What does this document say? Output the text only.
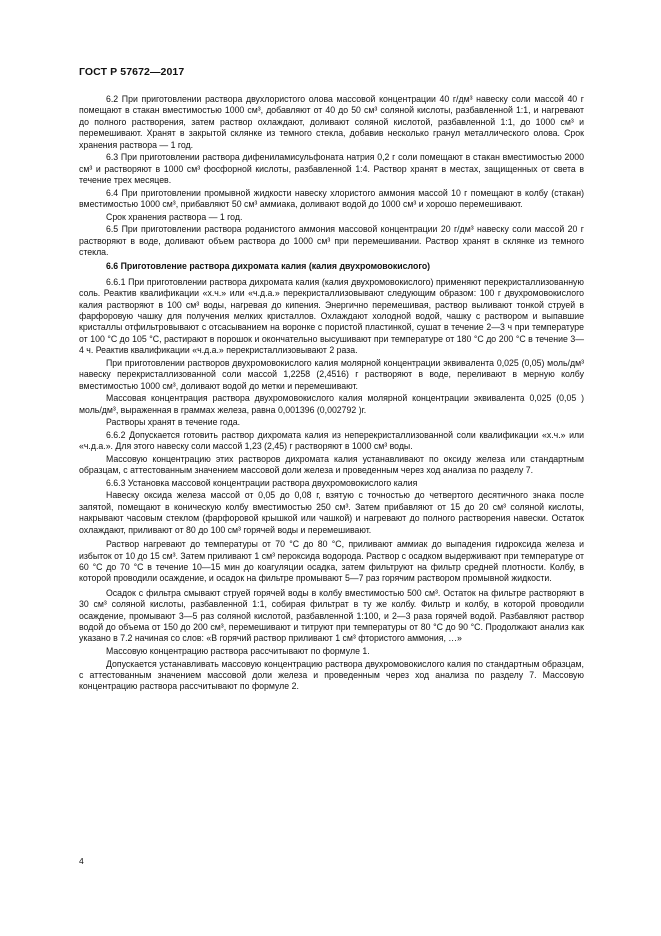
ГОСТ Р 57672—2017

6.2 При приготовлении раствора двухлористого олова массовой концентрации 40 г/дм³ навеску соли массой 40 г помещают в стакан вместимостью 1000 см³, добавляют от 40 до 50 см³ соляной кислоты, разбавленной 1:1, и нагревают до полного растворения, затем раствор охлаждают, доливают соляной кислотой, разбавленной 1:1, до 1000 см³ и перемешивают. Хранят в закрытой склянке из темного стекла, добавив несколько гранул металлического олова. Срок хранения раствора — 1 год.

6.3 При приготовлении раствора дифениламисульфоната натрия 0,2 г соли помещают в стакан вместимостью 2000 см³ и растворяют в 1000 см³ фосфорной кислоты, разбавленной 1:4. Раствор хранят в местах, защищенных от света в течение трех месяцев.

6.4 При приготовлении промывной жидкости навеску хлористого аммония массой 10 г помещают в колбу (стакан) вместимостью 1000 см³, прибавляют 50 см³ аммиака, доливают водой до 1000 см³ и хорошо перемешивают.

Срок хранения раствора — 1 год.

6.5 При приготовлении раствора роданистого аммония массовой концентрации 20 г/дм³ навеску соли массой 20 г растворяют в воде, доливают объем раствора до 1000 см³ при перемешивании. Раствор хранят в склянке из темного стекла.

6.6 Приготовление раствора дихромата калия (калия двухромовокислого)

6.6.1 При приготовлении раствора дихромата калия (калия двухромовокислого) применяют перекристаллизованную соль. Реактив квалификации «х.ч.» или «ч.д.а.» перекристаллизовывают следующим образом: 100 г двухромовокислого калия растворяют в 100 см³ воды, нагревая до кипения. Энергично перемешивая, раствор выливают тонкой струей в фарфоровую чашку для получения мелких кристаллов. Охлаждают холодной водой, чашку с раствором и выпавшие кристаллы отфильтровывают с отсасыванием на воронке с пористой пластинкой, сушат в течение 2—3 ч при температуре от 100 °С до 105 °С, растирают в порошок и окончательно высушивают при температуре от 180 °С до 200 °С в течение 3—4 ч. Реактив квалификации «ч.д.а.» перекристаллизовывают 2 раза.

При приготовлении растворов двухромовокислого калия молярной концентрации эквивалента 0,025 (0,05) моль/дм³ навеску перекристаллизованной соли массой 1,2258 (2,4516) г растворяют в воде, переливают в мерную колбу вместимостью 1000 см³, доливают водой до метки и перемешивают.

Массовая концентрация раствора двухромовокислого калия молярной концентрации эквивалента 0,025 (0,05 ) моль/дм³, выраженная в граммах железа, равна 0,001396 (0,002792 )г.

Растворы хранят в течение года.

6.6.2 Допускается готовить раствор дихромата калия из неперекристаллизованной соли квалификации «х.ч.» или «ч.д.а.». Для этого навеску соли массой 1,23 (2,45) г растворяют в 1000 см³ воды.

Массовую концентрацию этих растворов дихромата калия устанавливают по оксиду железа или стандартным образцам, с аттестованным значением массовой доли железа и проведенным через ход анализа по разделу 7.

6.6.3 Установка массовой концентрации раствора двухромовокислого калия

Навеску оксида железа массой от 0,05 до 0,08 г, взятую с точностью до четвертого десятичного знака после запятой, помещают в коническую колбу вместимостью 250 см³. Затем прибавляют от 15 до 20 см³ соляной кислоты, накрывают часовым стеклом (фарфоровой крышкой или чашкой) и нагревают до полного растворения навески. Остаток охлаждают, приливают от 80 до 100 см³ горячей воды и перемешивают.

Раствор нагревают до температуры от 70 °С до 80 °С, приливают аммиак до выпадения гидроксида железа и избыток от 10 до 15 см³. Затем приливают 1 см³ пероксида водорода. Раствор с осадком выдерживают при температуре от 60 °С до 70 °С в течение 10—15 мин до коагуляции осадка, затем фильтруют на фильтр средней плотности. Колбу, в которой проводили осаждение, и осадок на фильтре промывают 5—7 раз горячим раствором промывной жидкости.

Осадок с фильтра смывают струей горячей воды в колбу вместимостью 500 см³. Остаток на фильтре растворяют в 30 см³ соляной кислоты, разбавленной 1:1, собирая фильтрат в ту же колбу. Фильтр и колбу, в которой проводили осаждение, промывают 3—5 раз соляной кислотой, разбавленной 1:100, и 2—3 раза горячей водой. Разбавляют раствор водой до объема от 150 до 200 см³, перемешивают и титруют при температуры от 80 °С до 90 °С. Продолжают анализ как указано в 7.2 начиная со слов: «В горячий раствор приливают 1 см³ фтористого аммония, …»

Массовую концентрацию раствора рассчитывают по формуле 1.

Допускается устанавливать массовую концентрацию раствора двухромовокислого калия по стандартным образцам, с аттестованным значением массовой доли железа и проведенным через ход анализа по разделу 7. Массовую концентрацию раствора рассчитывают по формуле 2.

4
